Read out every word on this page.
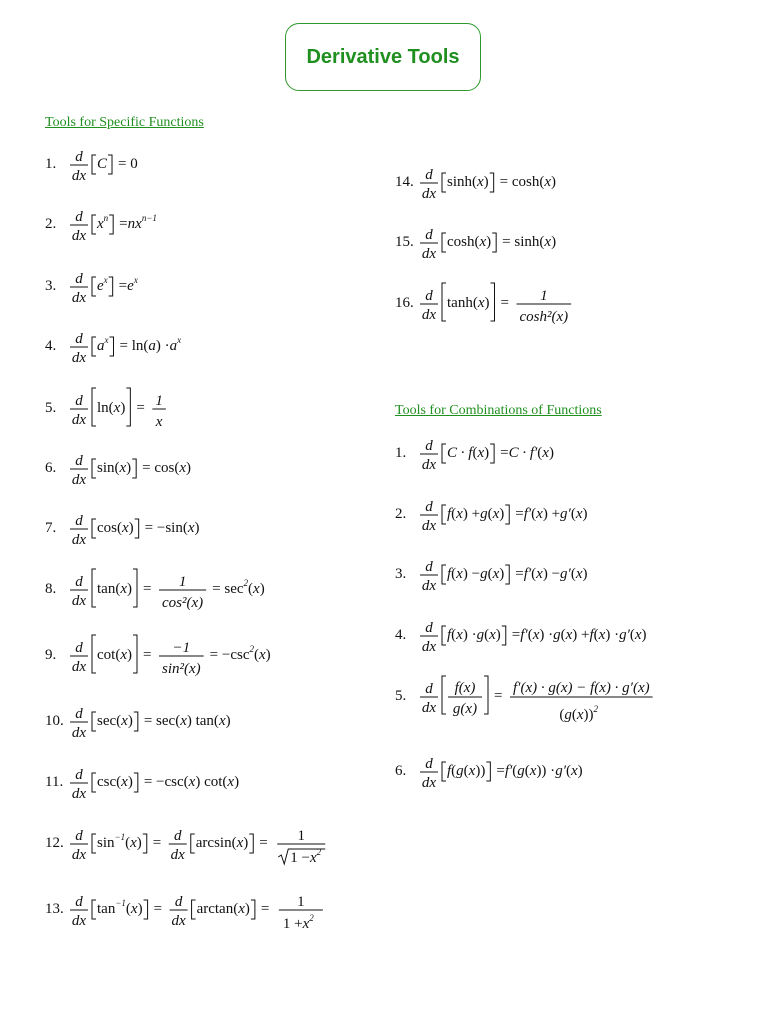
Derivative Tools
Tools for Specific Functions
Tools for Combinations of Functions
1. d
dx
C = 0
2. d
dx
x n = nx n−1
3. d
dx
e x = e x
4. d
dx
a x = ln( a ) · a x
5. d
dx
ln( x ) = 1
x
6. d
dx
sin( x ) = cos( x )
7. d
dx
cos( x ) = −sin( x )
8. d
dx
tan( x ) = 1
cos²(x)
= sec 2 ( x )
9. d
dx
cot( x ) = −1
sin²(x)
= −csc 2 ( x )
10. d
dx
sec( x ) = sec( x ) tan( x )
11. d
dx
csc( x ) = −csc( x ) cot( x )
12. d
dx
sin −1 ( x ) = d
dx
arcsin( x ) = 1
1 − x 2
13. d
dx
tan −1 ( x ) = d
dx
arctan( x ) = 1
1 + x 2
14. d
dx
sinh( x ) = cosh( x )
15. d
dx
cosh( x ) = sinh( x )
16. d
dx
tanh( x ) = 1
cosh²(x)
1. d
dx
C · f ( x ) = C · f′ ( x )
2. d
dx
f ( x ) + g ( x ) = f′ ( x ) + g′ ( x )
3. d
dx
f ( x ) − g ( x ) = f′ ( x ) − g′ ( x )
4. d
dx
f ( x ) · g ( x ) = f′ ( x ) · g ( x ) + f ( x ) · g′ ( x )
5. d
dx
f(x)
g(x)
= f′(x) · g(x) − f(x) · g′(x)
( g ( x )) 2
6. d
dx
f ( g ( x )) = f′ ( g ( x )) · g′ ( x )
